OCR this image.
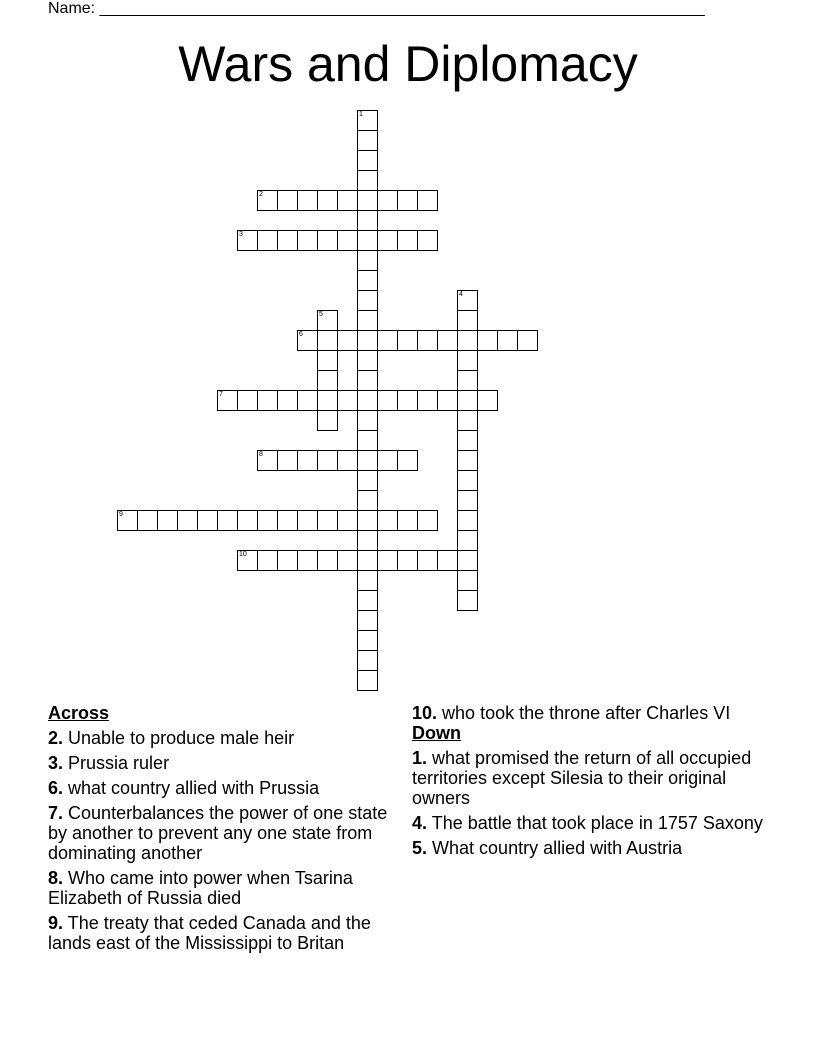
Name: ____________________________________________________________________
Wars and Diplomacy
1
2
3
4
5
6
7
8
9
10
Across
2. Unable to produce male heir
3. Prussia ruler
6. what country allied with Prussia
7. Counterbalances the power of one state by another to prevent any one state from dominating another
8. Who came into power when Tsarina Elizabeth of Russia died
9. The treaty that ceded Canada and the lands east of the Mississippi to Britan
10. who took the throne after Charles VI
Down
1. what promised the return of all occupied territories except Silesia to their original owners
4. The battle that took place in 1757 Saxony
5. What country allied with Austria
